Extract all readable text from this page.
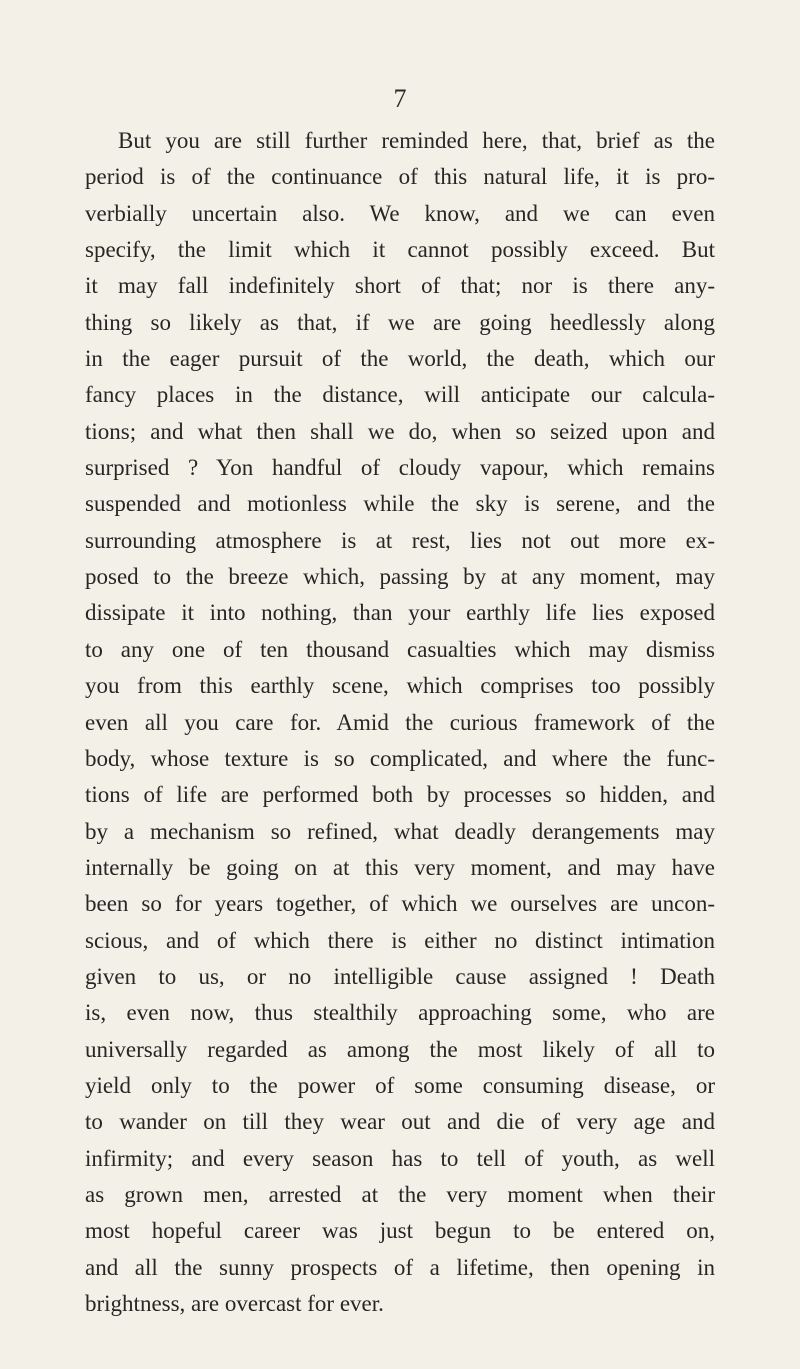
7
But you are still further reminded here, that, brief as the
period is of the continuance of this natural life, it is pro-
verbially uncertain also. We know, and we can even
specify, the limit which it cannot possibly exceed. But
it may fall indefinitely short of that; nor is there any-
thing so likely as that, if we are going heedlessly along
in the eager pursuit of the world, the death, which our
fancy places in the distance, will anticipate our calcula-
tions; and what then shall we do, when so seized upon and
surprised ? Yon handful of cloudy vapour, which remains
suspended and motionless while the sky is serene, and the
surrounding atmosphere is at rest, lies not out more ex-
posed to the breeze which, passing by at any moment, may
dissipate it into nothing, than your earthly life lies exposed
to any one of ten thousand casualties which may dismiss
you from this earthly scene, which comprises too possibly
even all you care for. Amid the curious framework of the
body, whose texture is so complicated, and where the func-
tions of life are performed both by processes so hidden, and
by a mechanism so refined, what deadly derangements may
internally be going on at this very moment, and may have
been so for years together, of which we ourselves are uncon-
scious, and of which there is either no distinct intimation
given to us, or no intelligible cause assigned ! Death
is, even now, thus stealthily approaching some, who are
universally regarded as among the most likely of all to
yield only to the power of some consuming disease, or
to wander on till they wear out and die of very age and
infirmity; and every season has to tell of youth, as well
as grown men, arrested at the very moment when their
most hopeful career was just begun to be entered on,
and all the sunny prospects of a lifetime, then opening in
brightness, are overcast for ever.
